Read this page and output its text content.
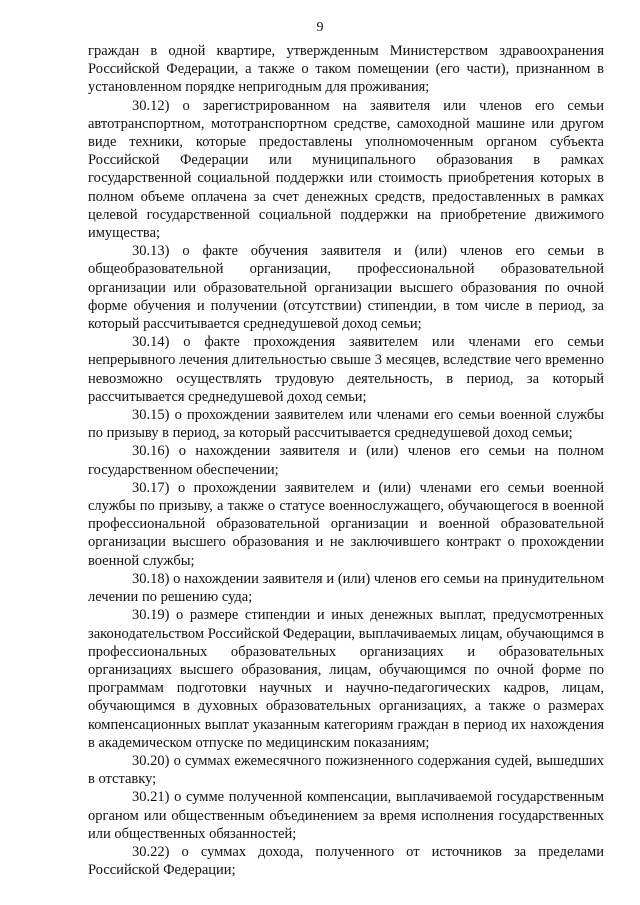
9

граждан в одной квартире, утвержденным Министерством здравоохранения Российской Федерации, а также о таком помещении (его части), признанном в установленном порядке непригодным для проживания;

30.12) о зарегистрированном на заявителя или членов его семьи автотранспортном, мототранспортном средстве, самоходной машине или другом виде техники, которые предоставлены уполномоченным органом субъекта Российской Федерации или муниципального образования в рамках государственной социальной поддержки или стоимость приобретения которых в полном объеме оплачена за счет денежных средств, предоставленных в рамках целевой государственной социальной поддержки на приобретение движимого имущества;

30.13) о факте обучения заявителя и (или) членов его семьи в общеобразовательной организации, профессиональной образовательной организации или образовательной организации высшего образования по очной форме обучения и получении (отсутствии) стипендии, в том числе в период, за который рассчитывается среднедушевой доход семьи;

30.14) о факте прохождения заявителем или членами его семьи непрерывного лечения длительностью свыше 3 месяцев, вследствие чего временно невозможно осуществлять трудовую деятельность, в период, за который рассчитывается среднедушевой доход семьи;

30.15) о прохождении заявителем или членами его семьи военной службы по призыву в период, за который рассчитывается среднедушевой доход семьи;

30.16) о нахождении заявителя и (или) членов его семьи на полном государственном обеспечении;

30.17) о прохождении заявителем и (или) членами его семьи военной службы по призыву, а также о статусе военнослужащего, обучающегося в военной профессиональной образовательной организации и военной образовательной организации высшего образования и не заключившего контракт о прохождении военной службы;

30.18) о нахождении заявителя и (или) членов его семьи на принудительном лечении по решению суда;

30.19) о размере стипендии и иных денежных выплат, предусмотренных законодательством Российской Федерации, выплачиваемых лицам, обучающимся в профессиональных образовательных организациях и образовательных организациях высшего образования, лицам, обучающимся по очной форме по программам подготовки научных и научно-педагогических кадров, лицам, обучающимся в духовных образовательных организациях, а также о размерах компенсационных выплат указанным категориям граждан в период их нахождения в академическом отпуске по медицинским показаниям;

30.20) о суммах ежемесячного пожизненного содержания судей, вышедших в отставку;

30.21) о сумме полученной компенсации, выплачиваемой государственным органом или общественным объединением за время исполнения государственных или общественных обязанностей;

30.22) о суммах дохода, полученного от источников за пределами Российской Федерации;
